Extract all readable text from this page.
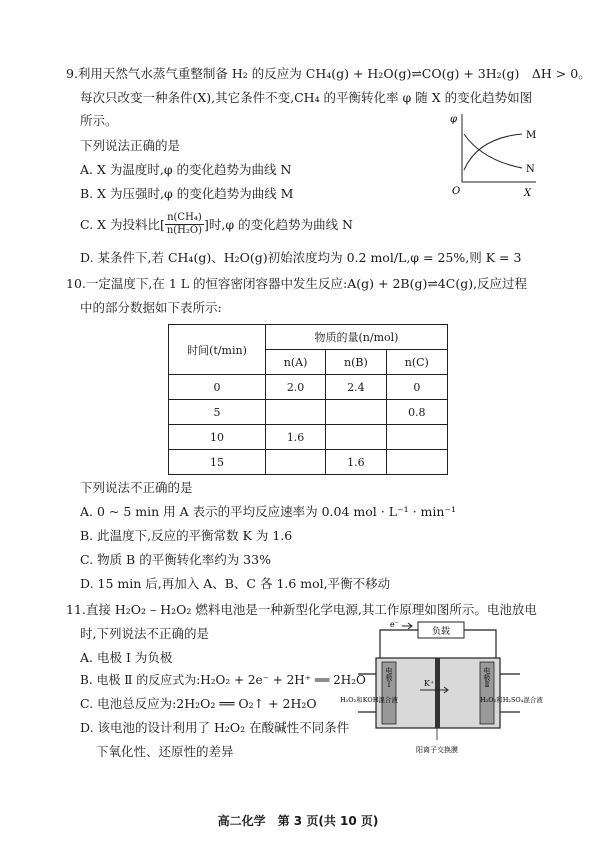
9.利用天然气水蒸气重整制备 H₂ 的反应为 CH₄(g) + H₂O(g)⇌CO(g) + 3H₂(g)　ΔH > 0。
每次只改变一种条件(X),其它条件不变,CH₄ 的平衡转化率 φ 随 X 的变化趋势如图
所示。
下列说法正确的是
A. X 为温度时,φ 的变化趋势为曲线 N
B. X 为压强时,φ 的变化趋势为曲线 M
C. X 为投料比[ $\frac{\text{n(CH₄)}}{\text{n(H₂O)}}$ ]时,φ 的变化趋势为曲线 N
D. 某条件下,若 CH₄(g)、H₂O(g)初始浓度均为 0.2 mol/L,φ = 25%,则 K = 3
φ
X
O
M
N
10.一定温度下,在 1 L 的恒容密闭容器中发生反应:A(g) + 2B(g)⇌4C(g),反应过程
中的部分数据如下表所示:
时间(t/min)	物质的量(n/mol)		
	n(A)	n(B)	n(C)
0	2.0	2.4	0
5			0.8
10	1.6		
15		1.6	
下列说法不正确的是
A. 0 ~ 5 min 用 A 表示的平均反应速率为 0.04 mol · L⁻¹ · min⁻¹
B. 此温度下,反应的平衡常数 K 为 1.6
C. 物质 B 的平衡转化率约为 33%
D. 15 min 后,再加入 A、B、C 各 1.6 mol,平衡不移动
11.直接 H₂O₂ – H₂O₂ 燃料电池是一种新型化学电源,其工作原理如图所示。电池放电
时,下列说法不正确的是
A. 电极 Ⅰ 为负极
B. 电极 Ⅱ 的反应式为:H₂O₂ + 2e⁻ + 2H⁺ ══ 2H₂O
C. 电池总反应为:2H₂O₂ ══ O₂↑ + 2H₂O
D. 该电池的设计利用了 H₂O₂ 在酸碱性不同条件
下氧化性、还原性的差异
负载
e⁻
电极Ⅰ	电极Ⅱ
K⁺
H₂O₂和KOH混合液	H₂O₂和H₂SO₄混合液
阳离子交换膜
高二化学　第 3 页(共 10 页)
